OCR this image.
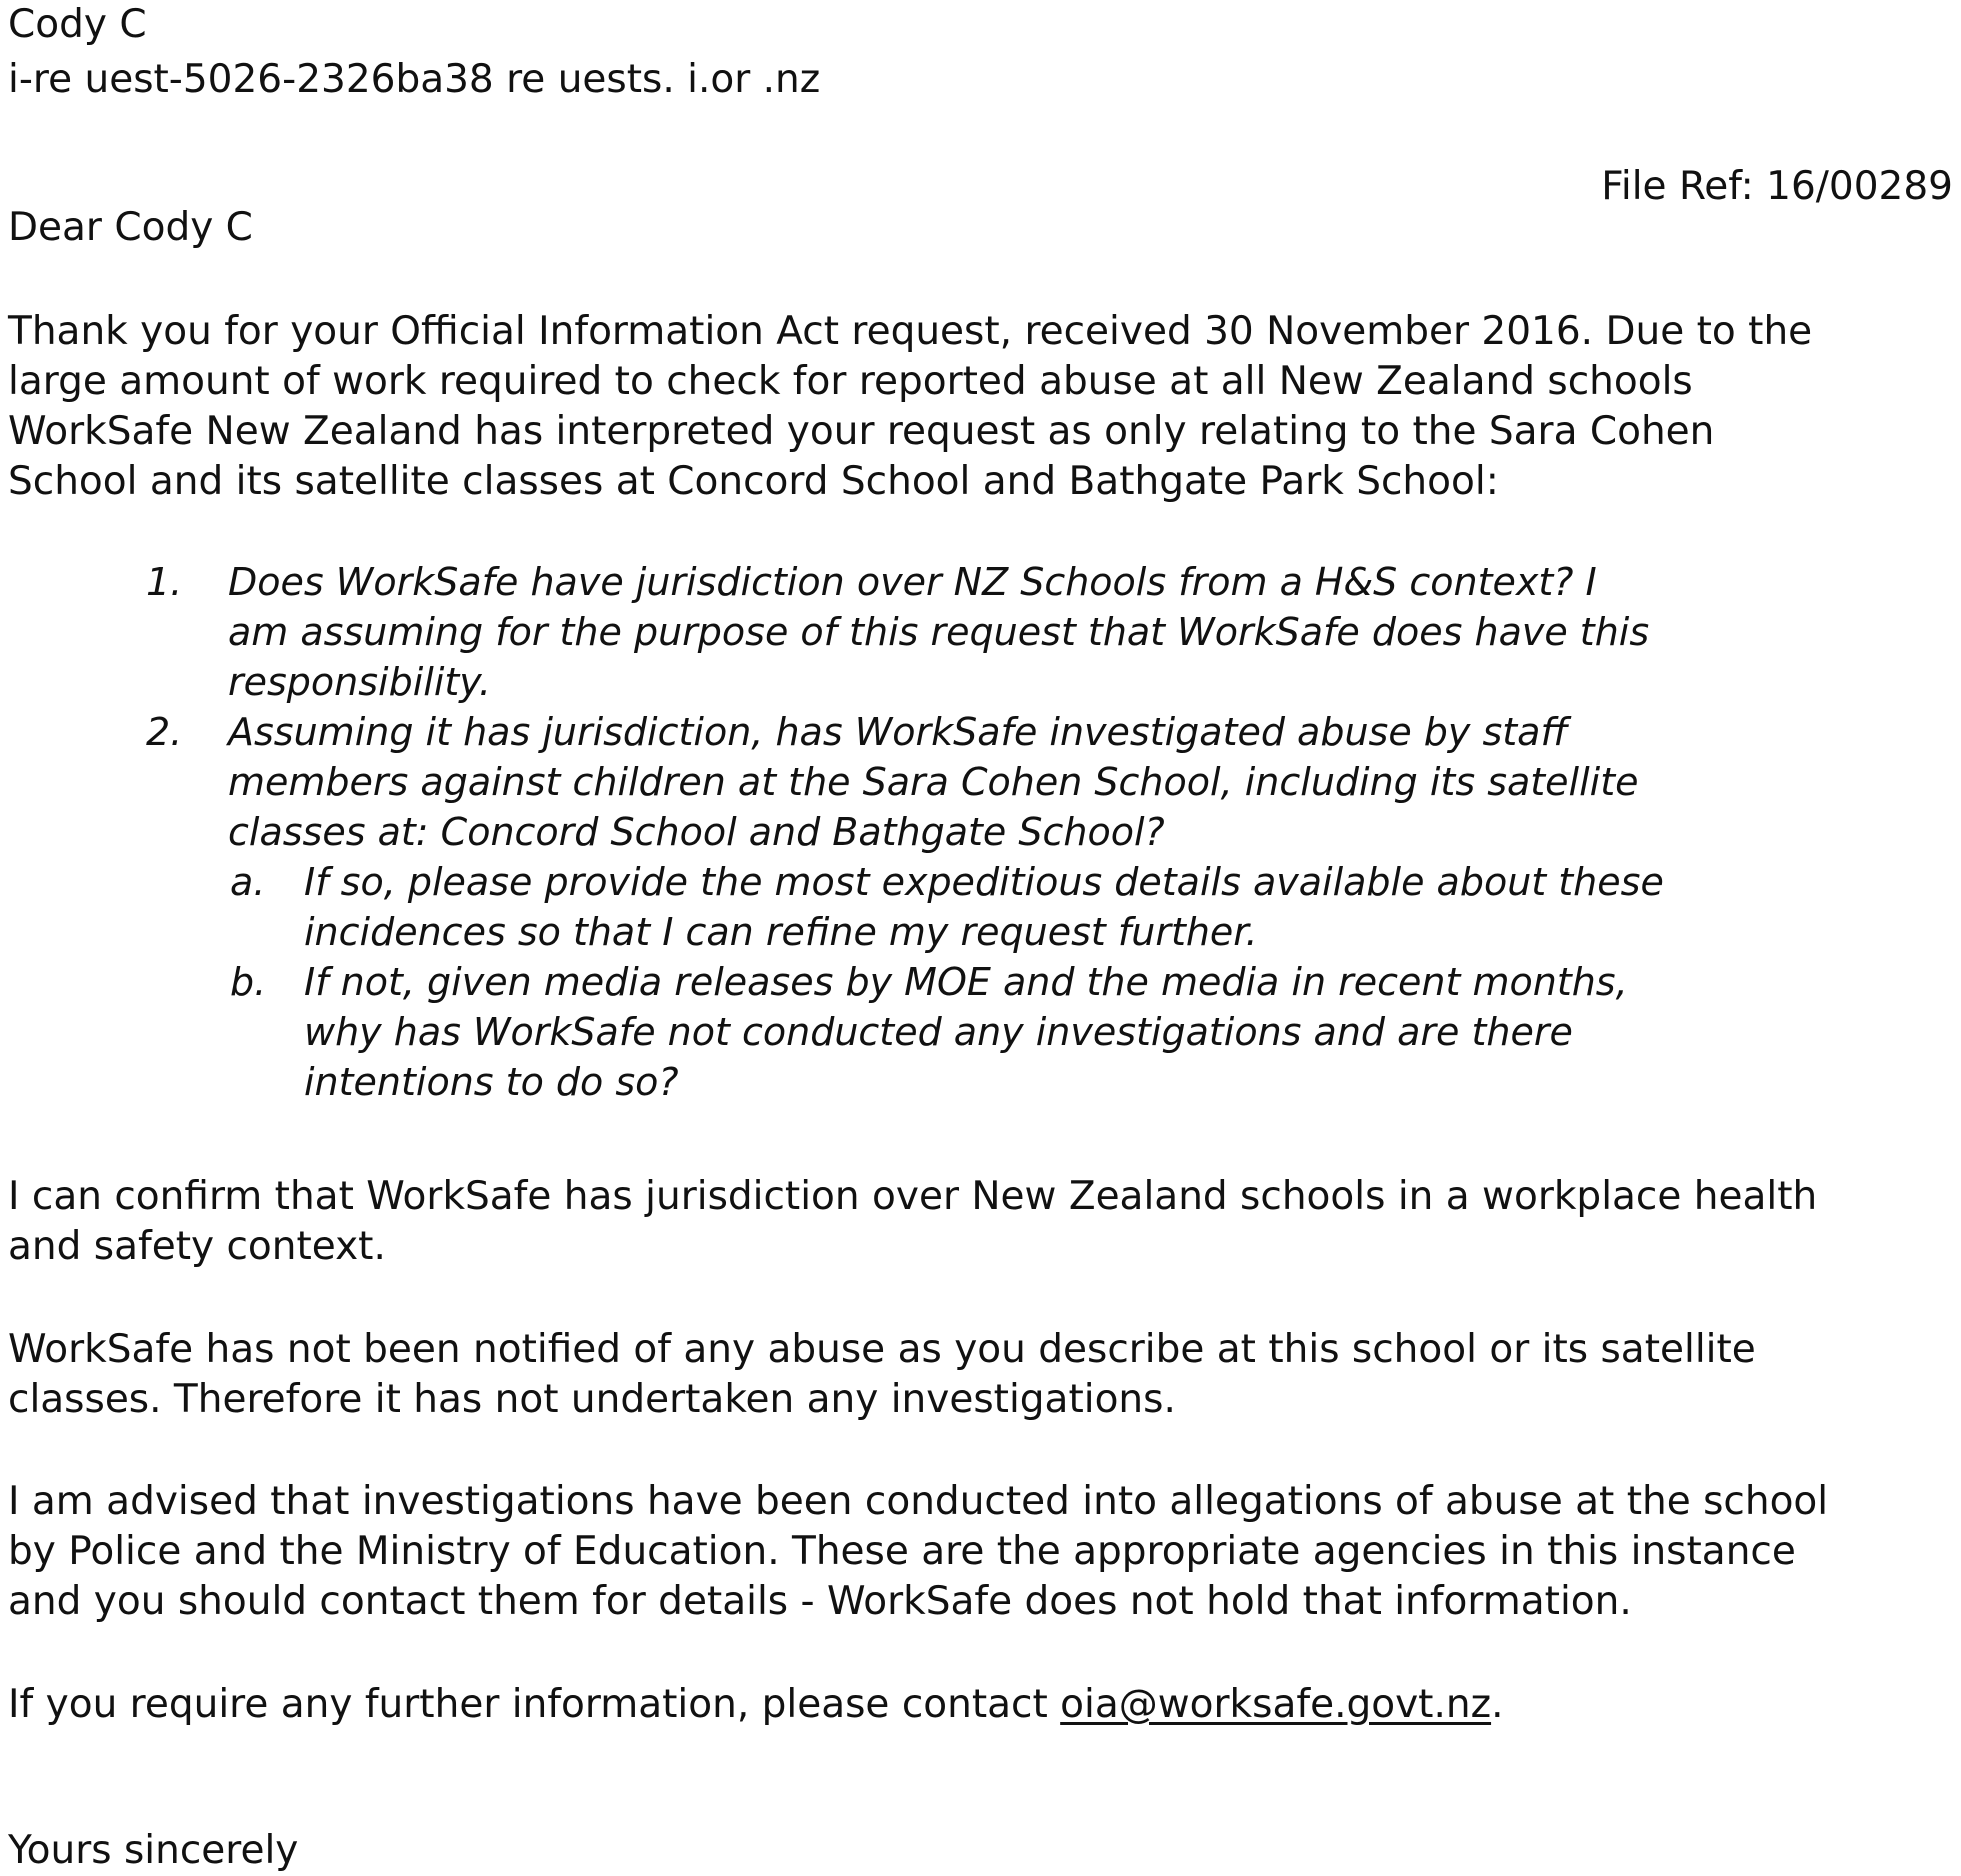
Cody C
i-re uest-5026-2326ba38 re uests. i.or .nz
File Ref: 16/00289
Dear Cody C
Thank you for your Official Information Act request, received 30 November 2016. Due to the
large amount of work required to check for reported abuse at all New Zealand schools
WorkSafe New Zealand has interpreted your request as only relating to the Sara Cohen
School and its satellite classes at Concord School and Bathgate Park School:
1. Does WorkSafe have jurisdiction over NZ Schools from a H&S context? I
am assuming for the purpose of this request that WorkSafe does have this
responsibility.
2. Assuming it has jurisdiction, has WorkSafe investigated abuse by staff
members against children at the Sara Cohen School, including its satellite
classes at: Concord School and Bathgate School?
a. If so, please provide the most expeditious details available about these
incidences so that I can refine my request further.
b. If not, given media releases by MOE and the media in recent months,
why has WorkSafe not conducted any investigations and are there
intentions to do so?
I can confirm that WorkSafe has jurisdiction over New Zealand schools in a workplace health
and safety context.
WorkSafe has not been notified of any abuse as you describe at this school or its satellite
classes. Therefore it has not undertaken any investigations.
I am advised that investigations have been conducted into allegations of abuse at the school
by Police and the Ministry of Education. These are the appropriate agencies in this instance
and you should contact them for details - WorkSafe does not hold that information.
If you require any further information, please contact oia@worksafe.govt.nz.
Yours sincerely
